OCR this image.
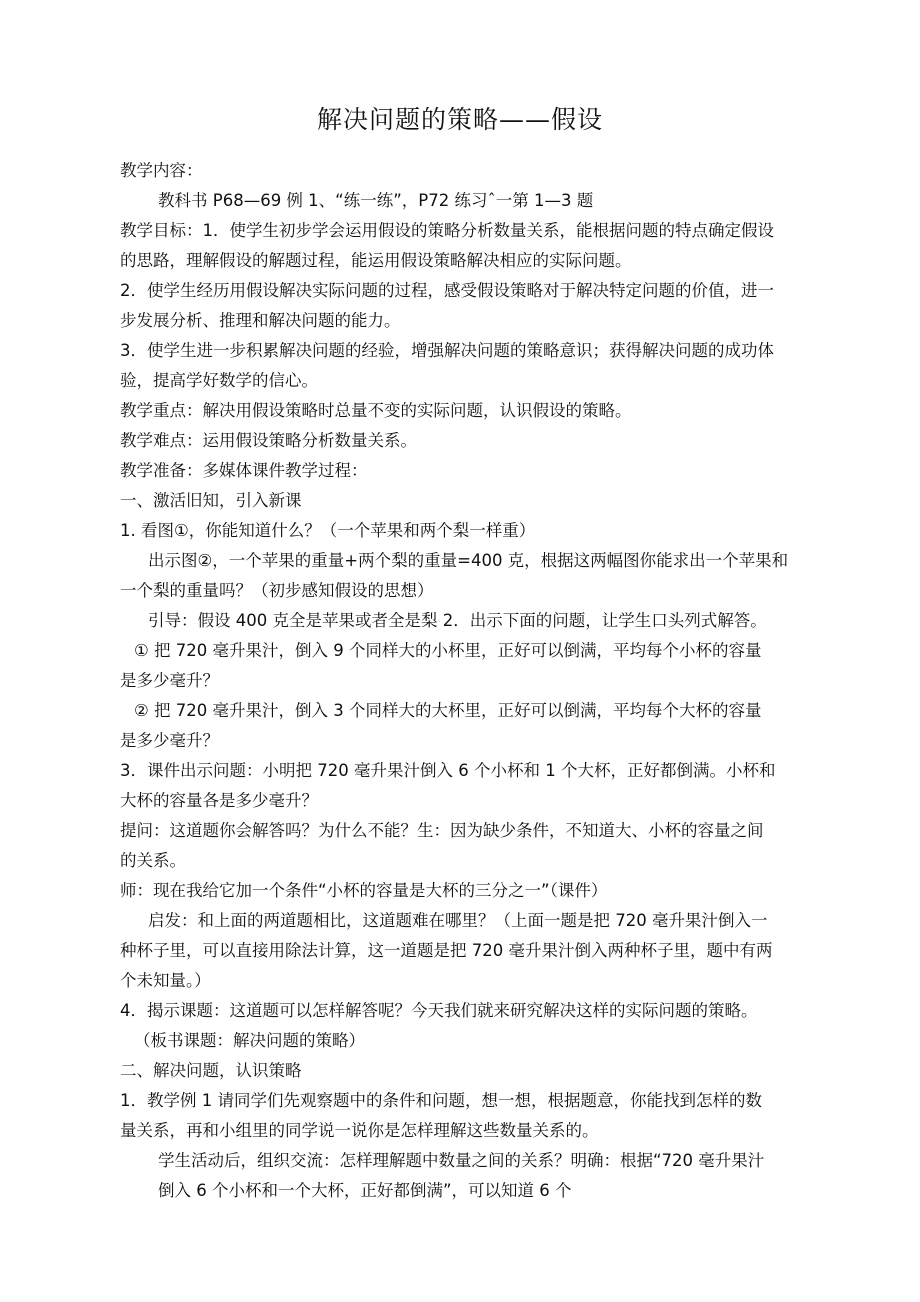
解决问题的策略——假设
教学内容：
教科书 P68—69 例 1、“练一练”，P72 练习ˆ一第 1—3 题
教学目标：1．使学生初步学会运用假设的策略分析数量关系，能根据问题的特点确定假设
的思路，理解假设的解题过程，能运用假设策略解决相应的实际问题。
2．使学生经历用假设解决实际问题的过程，感受假设策略对于解决特定问题的价值，进一
步发展分析、推理和解决问题的能力。
3．使学生进一步积累解决问题的经验，增强解决问题的策略意识；获得解决问题的成功体
验，提高学好数学的信心。
教学重点：解决用假设策略时总量不变的实际问题，认识假设的策略。
教学难点：运用假设策略分析数量关系。
教学准备：多媒体课件教学过程：
一、激活旧知，引入新课
1. 看图①，你能知道什么？（一个苹果和两个梨一样重）
出示图②，一个苹果的重量+两个梨的重量=400 克，根据这两幅图你能求出一个苹果和
一个梨的重量吗？（初步感知假设的思想）
引导：假设 400 克全是苹果或者全是梨 2．出示下面的问题，让学生口头列式解答。
① 把 720 毫升果汁，倒入 9 个同样大的小杯里，正好可以倒满，平均每个小杯的容量
是多少毫升？
② 把 720 毫升果汁，倒入 3 个同样大的大杯里，正好可以倒满，平均每个大杯的容量
是多少毫升？
3．课件出示问题：小明把 720 毫升果汁倒入 6 个小杯和 1 个大杯，正好都倒满。小杯和
大杯的容量各是多少毫升？
提问：这道题你会解答吗？为什么不能？生：因为缺少条件，不知道大、小杯的容量之间
的关系。
师：现在我给它加一个条件“小杯的容量是大杯的三分之一”（课件）
启发：和上面的两道题相比，这道题难在哪里？（上面一题是把 720 毫升果汁倒入一
种杯子里，可以直接用除法计算，这一道题是把 720 毫升果汁倒入两种杯子里，题中有两
个未知量。）
4．揭示课题：这道题可以怎样解答呢？今天我们就来研究解决这样的实际问题的策略。
（板书课题：解决问题的策略）
二、解决问题，认识策略
1．教学例 1 请同学们先观察题中的条件和问题，想一想，根据题意，你能找到怎样的数
量关系，再和小组里的同学说一说你是怎样理解这些数量关系的。
学生活动后，组织交流：怎样理解题中数量之间的关系？明确：根据“720 毫升果汁
倒入 6 个小杯和一个大杯，正好都倒满”，可以知道 6 个
